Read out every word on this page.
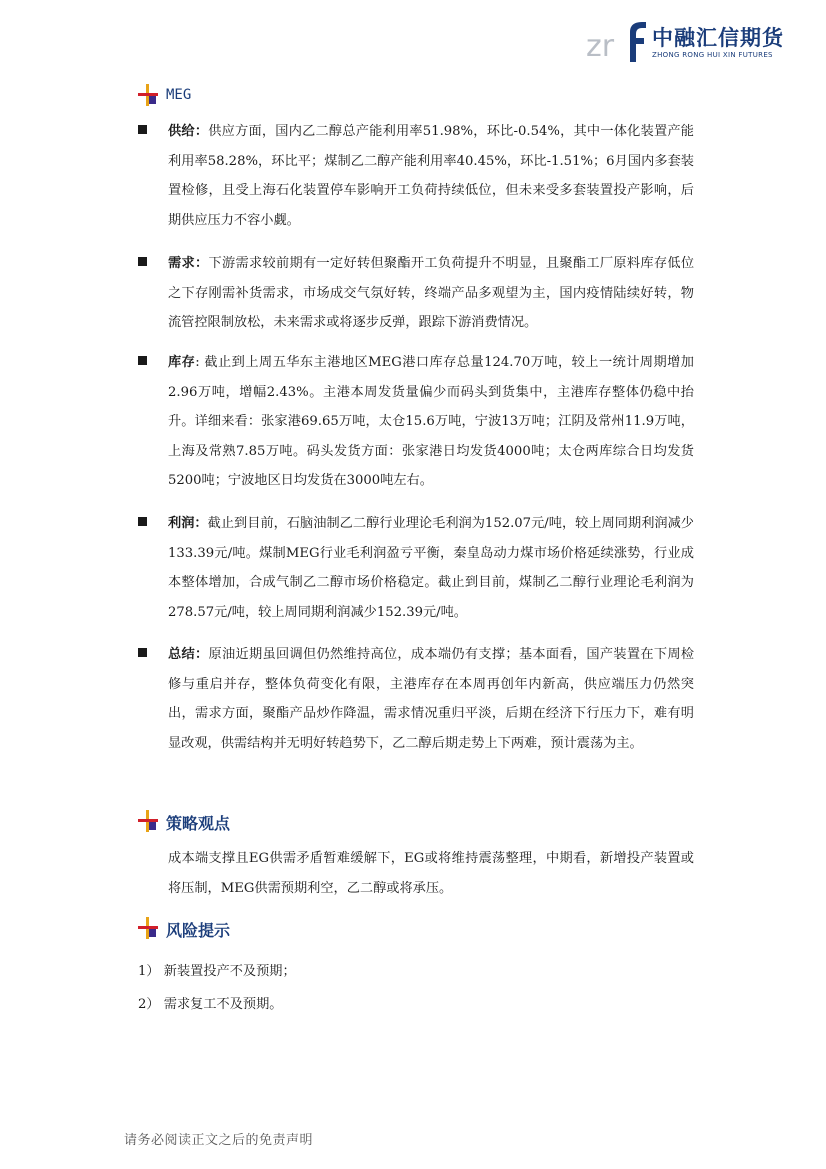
zr 中融汇信期货
ZHONG RONG HUI XIN FUTURES
MEG
供给：供应方面，国内乙二醇总产能利用率51.98%，环比-0.54%，其中一体化装置产能利用率58.28%，环比平；煤制乙二醇产能利用率40.45%，环比-1.51%；6月国内多套装置检修，且受上海石化装置停车影响开工负荷持续低位，但未来受多套装置投产影响，后期供应压力不容小觑。
需求：下游需求较前期有一定好转但聚酯开工负荷提升不明显，且聚酯工厂原料库存低位之下存刚需补货需求，市场成交气氛好转，终端产品多观望为主，国内疫情陆续好转，物流管控限制放松，未来需求或将逐步反弹，跟踪下游消费情况。
库存: 截止到上周五华东主港地区MEG港口库存总量124.70万吨，较上一统计周期增加2.96万吨，增幅2.43%。主港本周发货量偏少而码头到货集中，主港库存整体仍稳中抬升。详细来看：张家港69.65万吨，太仓15.6万吨，宁波13万吨；江阴及常州11.9万吨，上海及常熟7.85万吨。码头发货方面：张家港日均发货4000吨；太仓两库综合日均发货5200吨；宁波地区日均发货在3000吨左右。
利润：截止到目前，石脑油制乙二醇行业理论毛利润为152.07元/吨，较上周同期利润减少133.39元/吨。煤制MEG行业毛利润盈亏平衡，秦皇岛动力煤市场价格延续涨势，行业成本整体增加，合成气制乙二醇市场价格稳定。截止到目前，煤制乙二醇行业理论毛利润为278.57元/吨，较上周同期利润减少152.39元/吨。
总结：原油近期虽回调但仍然维持高位，成本端仍有支撑；基本面看，国产装置在下周检修与重启并存，整体负荷变化有限，主港库存在本周再创年内新高，供应端压力仍然突出，需求方面，聚酯产品炒作降温，需求情况重归平淡，后期在经济下行压力下，难有明显改观，供需结构并无明好转趋势下，乙二醇后期走势上下两难，预计震荡为主。
策略观点
成本端支撑且EG供需矛盾暂难缓解下，EG或将维持震荡整理，中期看，新增投产装置或将压制，MEG供需预期利空，乙二醇或将承压。
风险提示
1） 新装置投产不及预期；
2） 需求复工不及预期。
请务必阅读正文之后的免责声明
